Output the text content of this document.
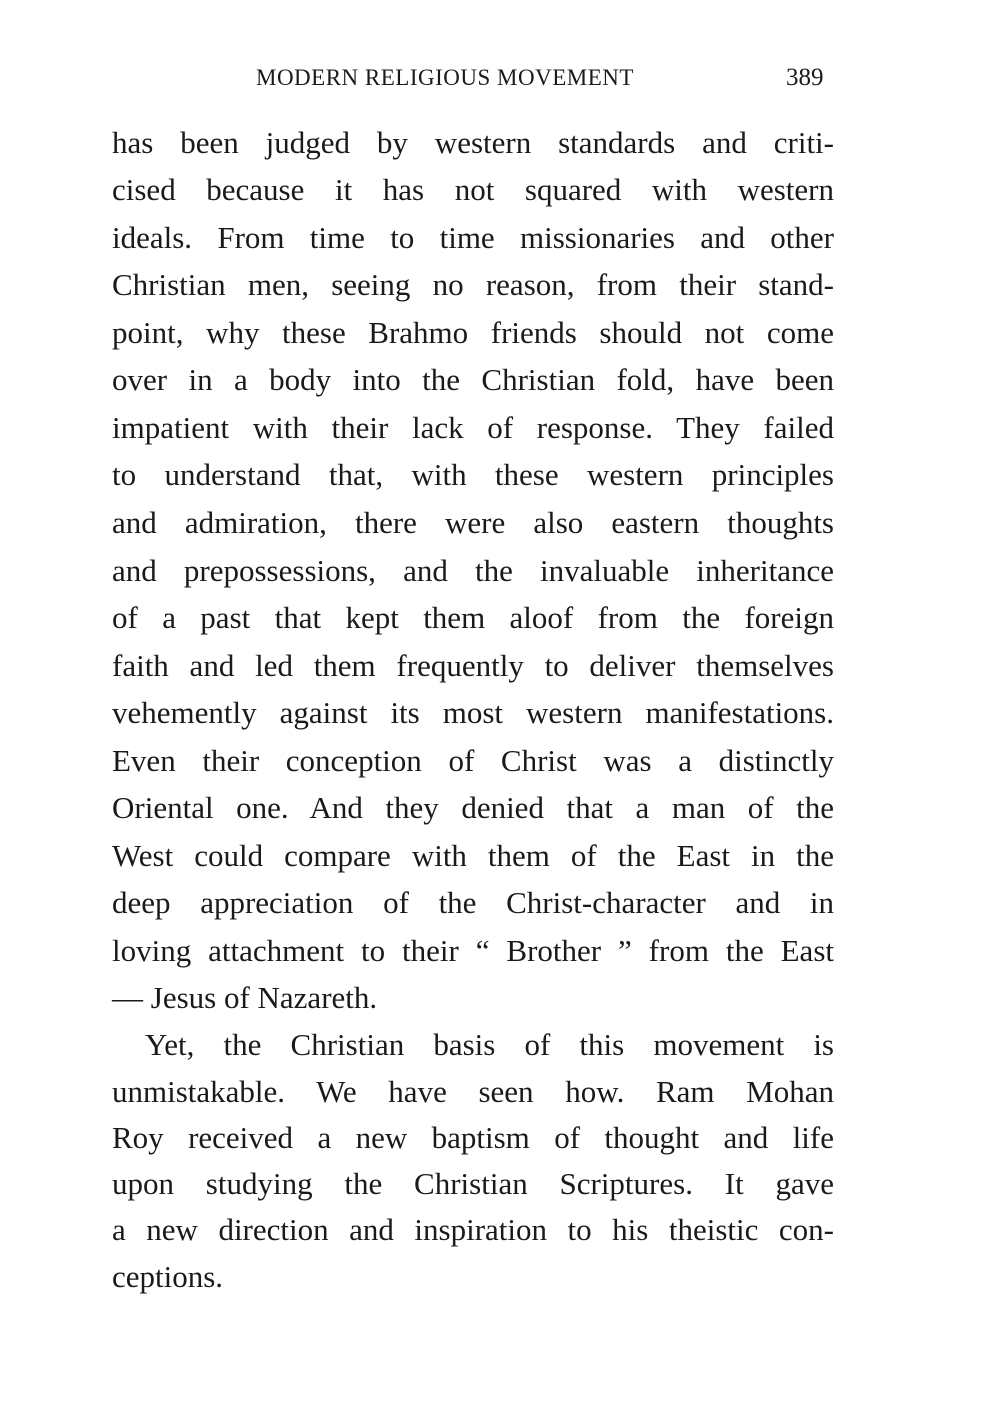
MODERN RELIGIOUS MOVEMENT	389
has been judged by western standards and criti-
cised because it has not squared with western
ideals. From time to time missionaries and other
Christian men, seeing no reason, from their stand-
point, why these Brahmo friends should not come
over in a body into the Christian fold, have been
impatient with their lack of response. They failed
to understand that, with these western principles
and admiration, there were also eastern thoughts
and prepossessions, and the invaluable inheritance
of a past that kept them aloof from the foreign
faith and led them frequently to deliver themselves
vehemently against its most western manifestations.
Even their conception of Christ was a distinctly
Oriental one. And they denied that a man of the
West could compare with them of the East in the
deep appreciation of the Christ-character and in
loving attachment to their “ Brother ” from the East
— Jesus of Nazareth.
Yet, the Christian basis of this movement is
unmistakable. We have seen how. Ram Mohan
Roy received a new baptism of thought and life
upon studying the Christian Scriptures. It gave
a new direction and inspiration to his theistic con-
ceptions.
